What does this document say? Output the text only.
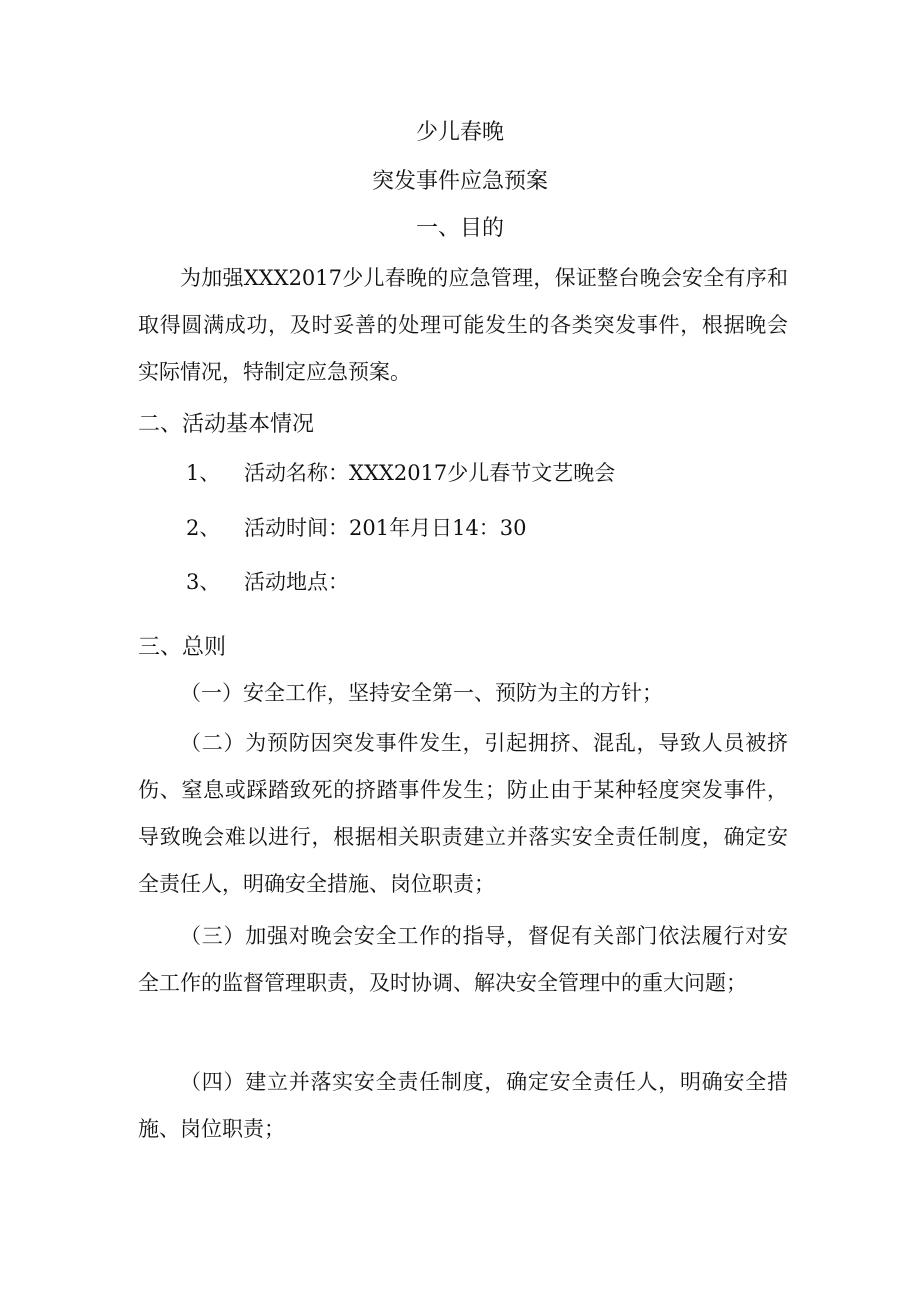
少儿春晚
突发事件应急预案
一、目的

为加强XXX2017少儿春晚的应急管理，保证整台晚会安全有序和取得圆满成功，及时妥善的处理可能发生的各类突发事件，根据晚会实际情况，特制定应急预案。

二、活动基本情况
1、 活动名称：XXX2017少儿春节文艺晚会
2、 活动时间：201年月日14：30
3、 活动地点：
三、总则

（一）安全工作，坚持安全第一、预防为主的方针；

（二）为预防因突发事件发生，引起拥挤、混乱，导致人员被挤伤、窒息或踩踏致死的挤踏事件发生；防止由于某种轻度突发事件，导致晚会难以进行，根据相关职责建立并落实安全责任制度，确定安全责任人，明确安全措施、岗位职责；

（三）加强对晚会安全工作的指导，督促有关部门依法履行对安全工作的监督管理职责，及时协调、解决安全管理中的重大问题；

（四）建立并落实安全责任制度，确定安全责任人，明确安全措施、岗位职责；
